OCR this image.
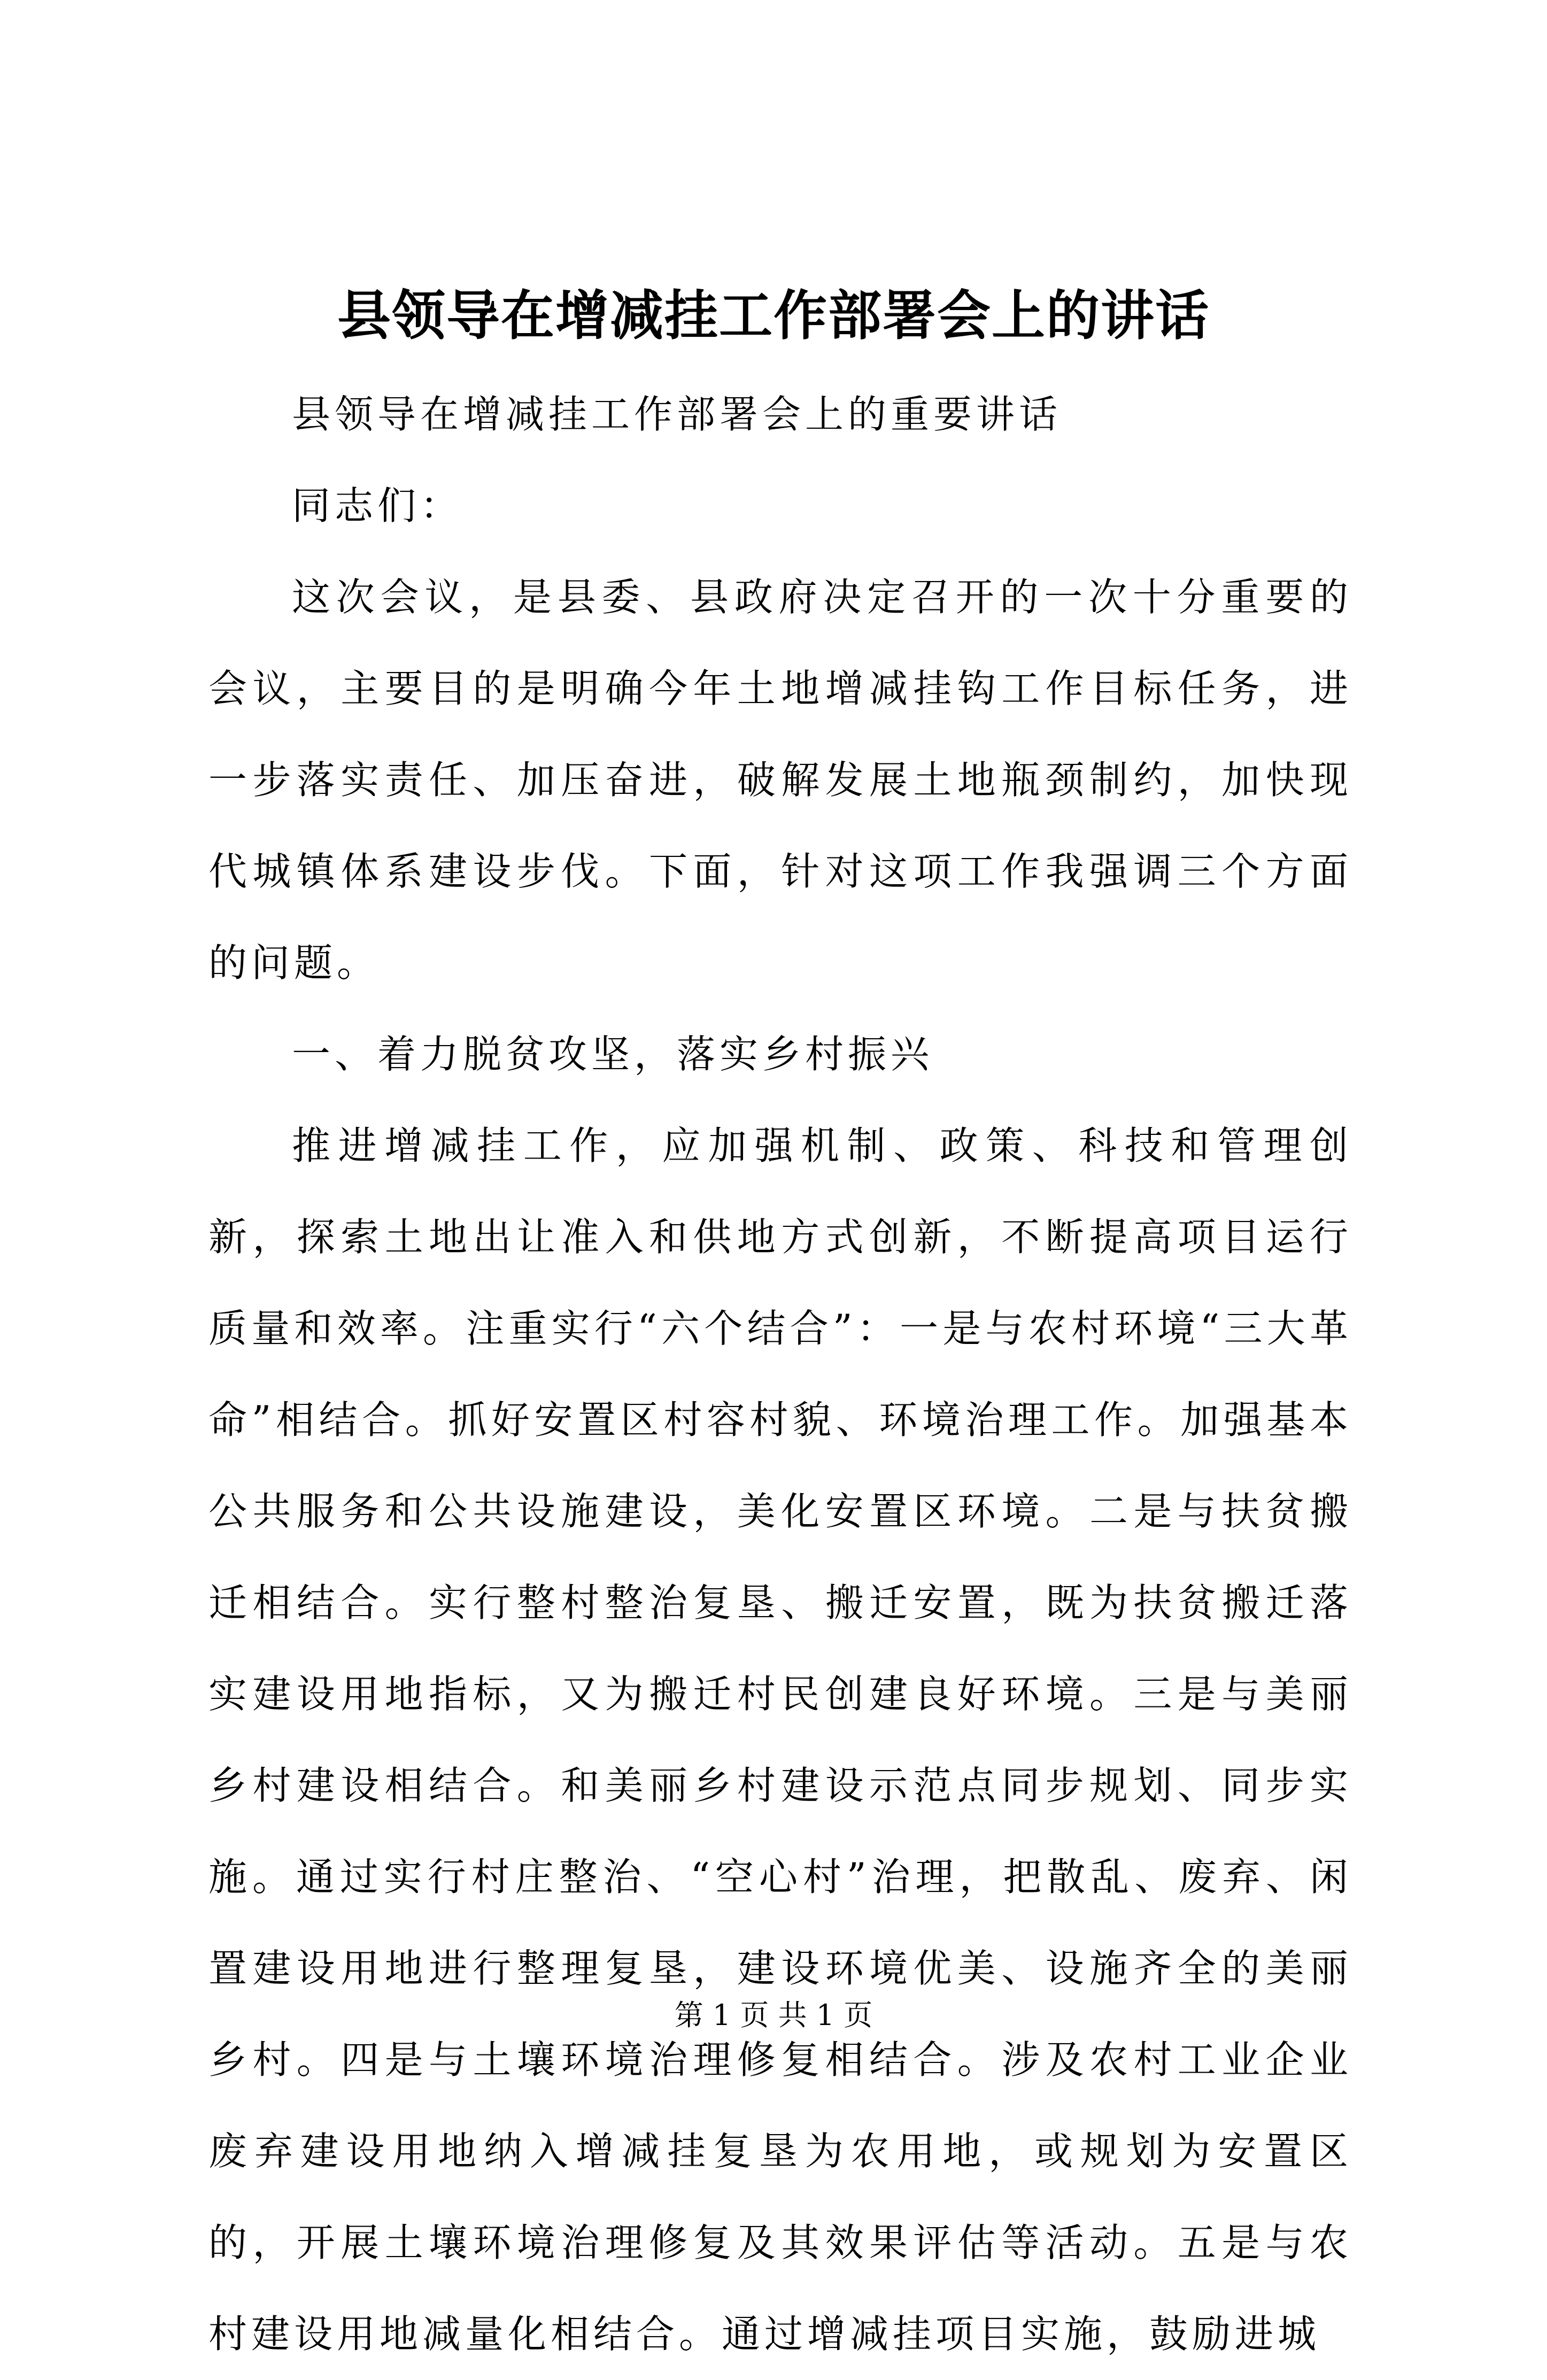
县领导在增减挂工作部署会上的讲话

县领导在增减挂工作部署会上的重要讲话

同志们：

这次会议，是县委、县政府决定召开的一次十分重要的会议，主要目的是明确今年土地增减挂钩工作目标任务，进一步落实责任、加压奋进，破解发展土地瓶颈制约，加快现代城镇体系建设步伐。下面，针对这项工作我强调三个方面的问题。

一、着力脱贫攻坚，落实乡村振兴

推进增减挂工作，应加强机制、政策、科技和管理创新，探索土地出让准入和供地方式创新，不断提高项目运行质量和效率。注重实行“六个结合”：一是与农村环境“三大革命”相结合。抓好安置区村容村貌、环境治理工作。加强基本公共服务和公共设施建设，美化安置区环境。二是与扶贫搬迁相结合。实行整村整治复垦、搬迁安置，既为扶贫搬迁落实建设用地指标，又为搬迁村民创建良好环境。三是与美丽乡村建设相结合。和美丽乡村建设示范点同步规划、同步实施。通过实行村庄整治、“空心村”治理，把散乱、废弃、闲置建设用地进行整理复垦，建设环境优美、设施齐全的美丽乡村。四是与土壤环境治理修复相结合。涉及农村工业企业废弃建设用地纳入增减挂复垦为农用地，或规划为安置区的，开展土壤环境治理修复及其效果评估等活动。五是与农村建设用地减量化相结合。通过增减挂项目实施，鼓励进城

第 1 页 共 1 页
